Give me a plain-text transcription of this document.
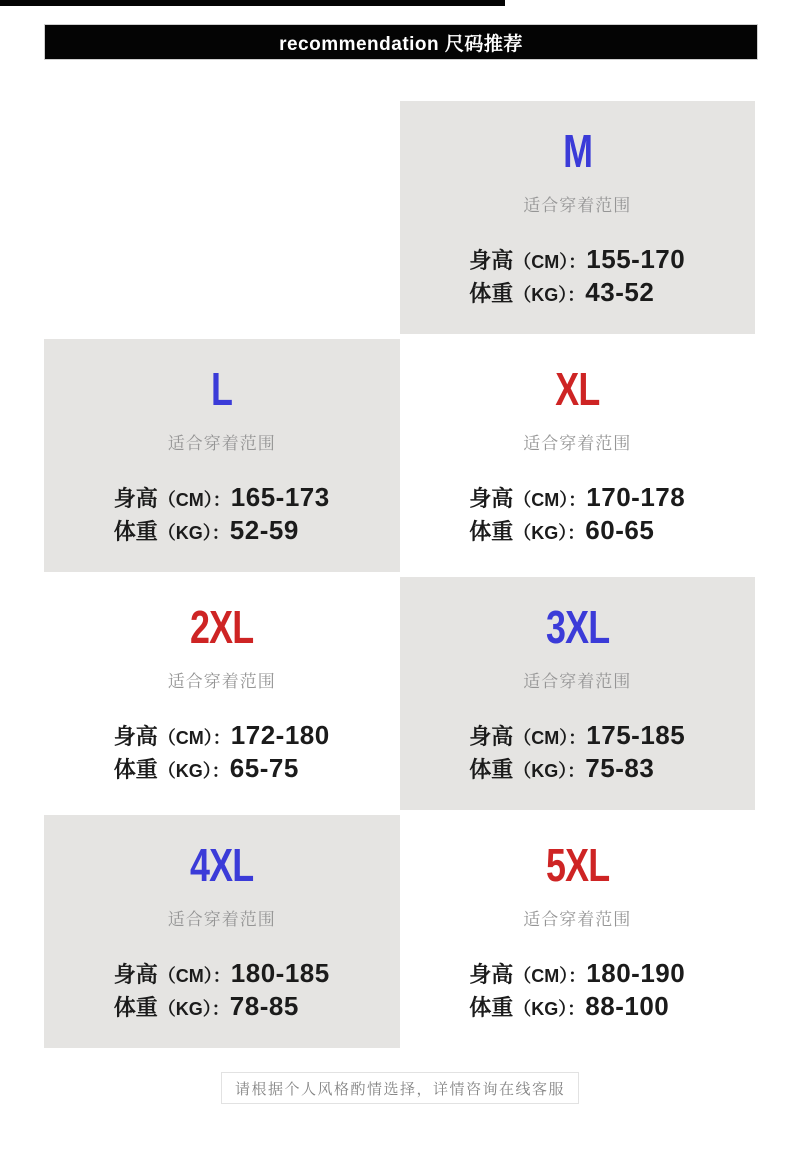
recommendation 尺码推荐
M
适合穿着范围
身高（CM）：155-170
体重（KG）：43-52
L
适合穿着范围
身高（CM）：165-173
体重（KG）：52-59
XL
适合穿着范围
身高（CM）：170-178
体重（KG）：60-65
2XL
适合穿着范围
身高（CM）：172-180
体重（KG）：65-75
3XL
适合穿着范围
身高（CM）：175-185
体重（KG）：75-83
4XL
适合穿着范围
身高（CM）：180-185
体重（KG）：78-85
5XL
适合穿着范围
身高（CM）：180-190
体重（KG）：88-100
请根据个人风格酌情选择，详情咨询在线客服
